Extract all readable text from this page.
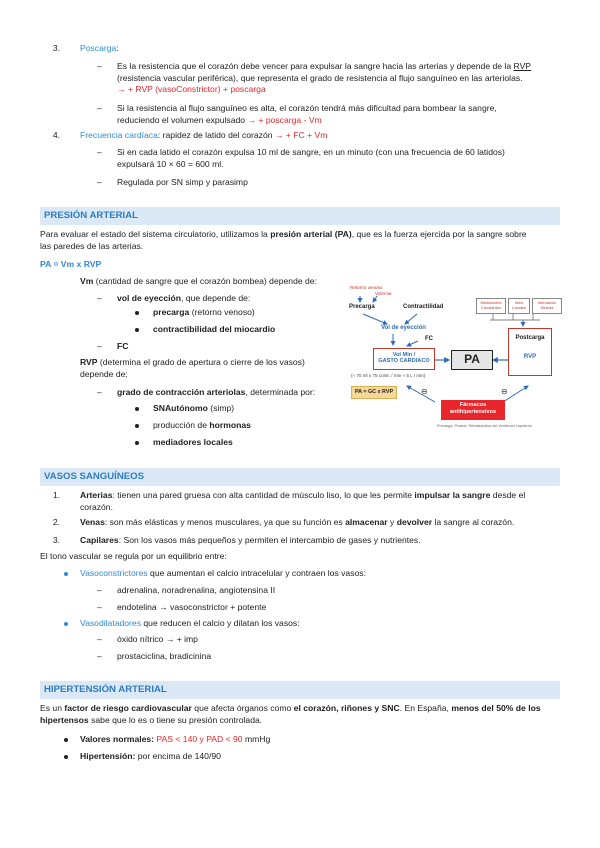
3. Poscarga:
– Es la resistencia que el corazón debe vencer para expulsar la sangre hacia las arterias y depende de la RVP
(resistencia vascular periférica), que representa el grado de resistencia al flujo sanguíneo en las arteriolas.
→ + RVP (vasoConstrictor) + poscarga
– Si la resistencia al flujo sanguíneo es alta, el corazón tendrá más dificultad para bombear la sangre,
reduciendo el volumen expulsado → + poscarga - Vm
4. Frecuencia cardíaca: rapidez de latido del corazón → + FC + Vm
– Si en cada latido el corazón expulsa 10 ml de sangre, en un minuto (con una frecuencia de 60 latidos)
expulsará 10 × 60 = 600 ml.
– Regulada por SN simp y parasimp
PRESIÓN ARTERIAL
Para evaluar el estado del sistema circulatorio, utilizamos la presión arterial (PA), que es la fuerza ejercida por la sangre sobre
las paredes de las arterias.
PA = Vm x RVP
Vm (cantidad de sangre que el corazón bombea) depende de:
– vol de eyección, que depende de:
precarga (retorno venoso)
contractibilidad del miocardio
– FC
RVP (determina el grado de apertura o cierre de los vasos)
depende de:
– grado de contracción arteriolas, determinada por:
SNAutónomo (simp)
producción de hormonas
mediadores locales
Retorno venoso
Volemia
Precarga	Contractilidad
Vol de eyección
FC
Vol Min /
GASTO CARDIACO
(≈ 70 ml x 75 contr. / min ≈ 5 L / min)
PA
Mediadores Circulantes
Med Locales
Inervación Directa
Postcarga
RVP
PA = GC x RVP	⊖	⊖
Fármacos
antihipertensivos
Precarga: Presión Telediastólica del Ventrículo Izquierdo
VASOS SANGUÍNEOS
1. Arterias: tienen una pared gruesa con alta cantidad de músculo liso, lo que les permite impulsar la sangre desde el
corazón.
2. Venas: son más elásticas y menos musculares, ya que su función es almacenar y devolver la sangre al corazón.
3. Capilares: Son los vasos más pequeños y permiten el intercambio de gases y nutrientes.
El tono vascular se regula por un equilibrio entre:
Vasoconstrictores que aumentan el calcio intracelular y contraen los vasos:
– adrenalina, noradrenalina, angiotensina II
– endotelina → vasoconstrictor + potente
Vasodilatadores que reducen el calcio y dilatan los vasos:
– óxido nítrico → + imp
– prostaciclina, bradicinina
HIPERTENSIÓN ARTERIAL
Es un factor de riesgo cardiovascular que afecta órganos como el corazón, riñones y SNC. En España, menos del 50% de los
hipertensos sabe que lo es o tiene su presión controlada.
Valores normales: PAS < 140 y PAD < 90 mmHg
Hipertensión: por encima de 140/90
